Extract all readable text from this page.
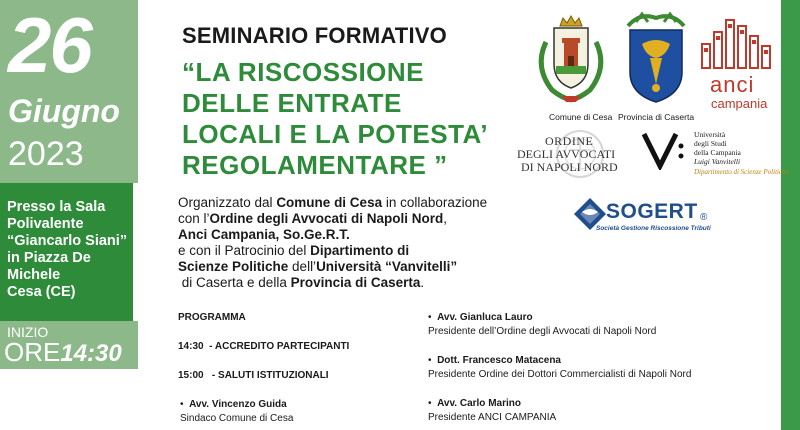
26
Giugno
2023
Presso la Sala
Polivalente
“Giancarlo Siani”
in Piazza De
Michele
Cesa (CE)
INIZIO
ORE14:30
SEMINARIO FORMATIVO
“LA RISCOSSIONE
DELLE ENTRATE
LOCALI E LA POTESTA’
REGOLAMENTARE ”

Organizzato dal Comune di Cesa in collaborazione

con l’Ordine degli Avvocati di Napoli Nord,

Anci Campania, So.Ge.R.T.

e con il Patrocinio del Dipartimento di

Scienze Politiche dell’Università “Vanvitelli”

di Caserta e della Provincia di Caserta.

PROGRAMMA
14:30 - ACCREDITO PARTECIPANTI
15:00 - SALUTI ISTITUZIONALI
•  Avv. Vincenzo Guida
Sindaco Comune di Cesa
•  Avv. Gianluca Lauro
Presidente dell’Ordine degli Avvocati di Napoli Nord
•  Dott. Francesco Matacena
Presidente Ordine dei Dottori Commercialisti di Napoli Nord
•  Avv. Carlo Marino
Presidente ANCI CAMPANIA
Comune di Cesa Provincia di Caserta
anci
campania
ORDINE
DEGLI AVVOCATI
DI NAPOLI NORD
Università
degli Studi
della Campania
Luigi Vanvitelli
Dipartimento di Scienze Politiche
SOGERT ®
Società Gestione Riscossione Tributi
